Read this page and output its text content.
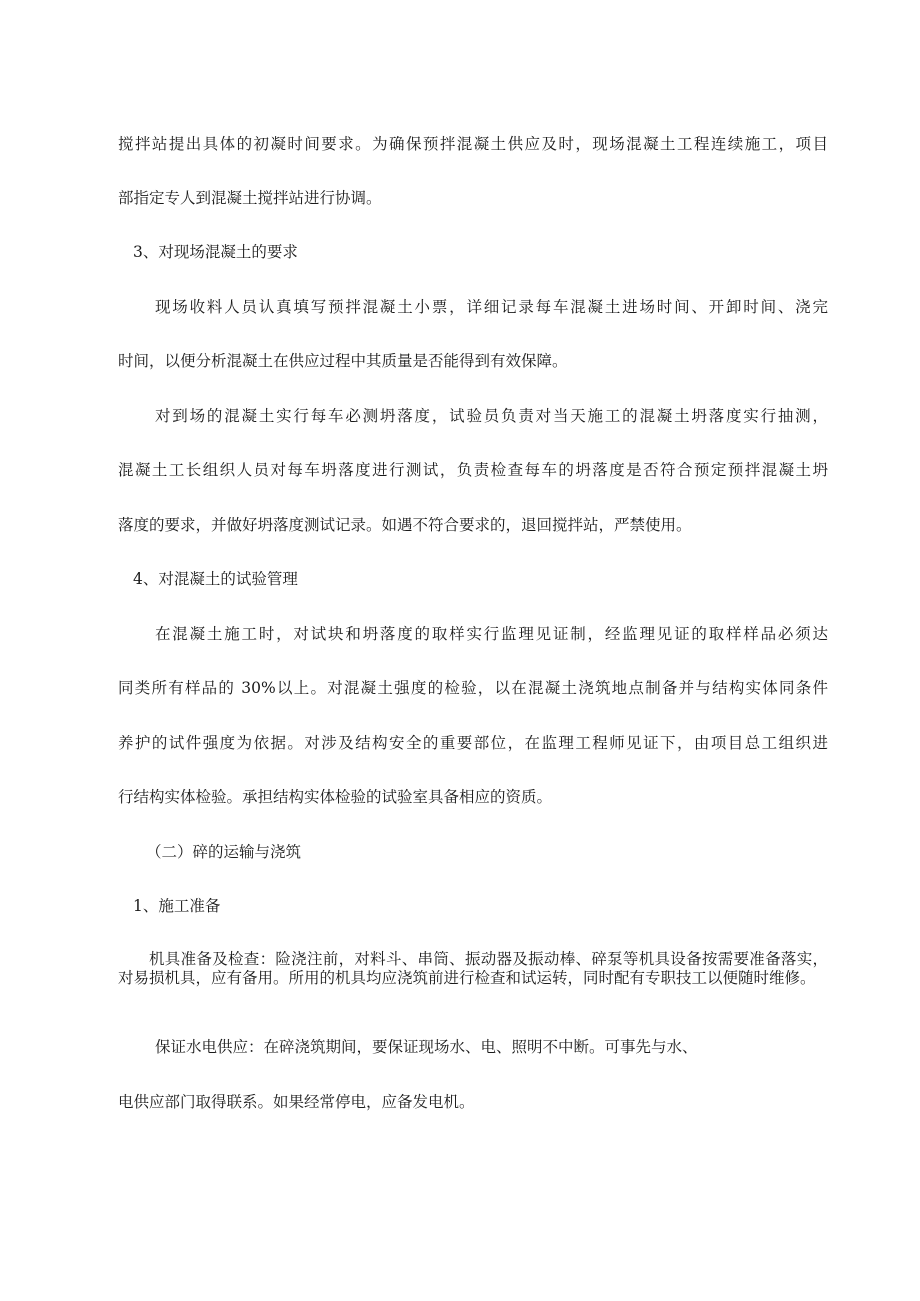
搅拌站提出具体的初凝时间要求。为确保预拌混凝土供应及时，现场混凝土工程连续施工，项目
部指定专人到混凝土搅拌站进行协调。
3、对现场混凝土的要求
现场收料人员认真填写预拌混凝土小票，详细记录每车混凝土进场时间、开卸时间、浇完
时间，以便分析混凝土在供应过程中其质量是否能得到有效保障。
对到场的混凝土实行每车必测坍落度，试验员负责对当天施工的混凝土坍落度实行抽测，
混凝土工长组织人员对每车坍落度进行测试，负责检查每车的坍落度是否符合预定预拌混凝土坍
落度的要求，并做好坍落度测试记录。如遇不符合要求的，退回搅拌站，严禁使用。
4、对混凝土的试验管理
在混凝土施工时，对试块和坍落度的取样实行监理见证制，经监理见证的取样样品必须达
同类所有样品的 30%以上。对混凝土强度的检验，以在混凝土浇筑地点制备并与结构实体同条件
养护的试件强度为依据。对涉及结构安全的重要部位，在监理工程师见证下，由项目总工组织进
行结构实体检验。承担结构实体检验的试验室具备相应的资质。
（二）碎的运输与浇筑
1、施工准备
机具准备及检查：险浇注前，对料斗、串筒、振动器及振动棒、碎泵等机具设备按需要准备落实，对易损机具，应有备用。所用的机具均应浇筑前进行检查和试运转，同时配有专职技工以便随时维修。
保证水电供应：在碎浇筑期间，要保证现场水、电、照明不中断。可事先与水、
电供应部门取得联系。如果经常停电，应备发电机。
